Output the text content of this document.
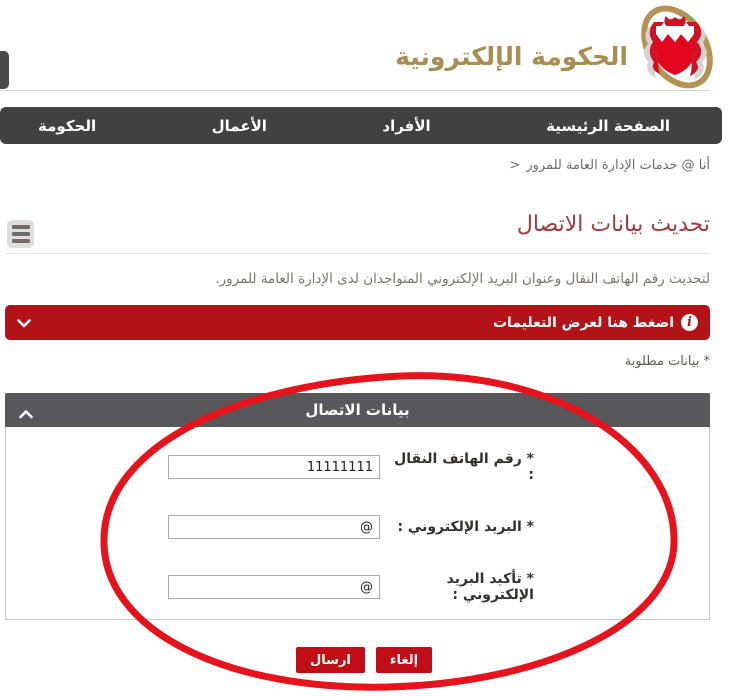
الحكومة الإلكترونية
الصفحة الرئيسية
الأفراد
الأعمال
الحكومة
أنا @ خدمات الإدارة العامة للمرور <
تحديث بيانات الاتصال
لتحديث رقم الهاتف النقال وعنوان البريد الإلكتروني المتواجدان لدى الإدارة العامة للمرور.
i
اضغط هنا لعرض التعليمات
* بيانات مطلوبة
بيانات الاتصال
* رقم الهاتف النقال :
11111111
* البريد الإلكتروني :
@
* تأكيد البريد الإلكتروني :
@
ارسال	إلغاء
